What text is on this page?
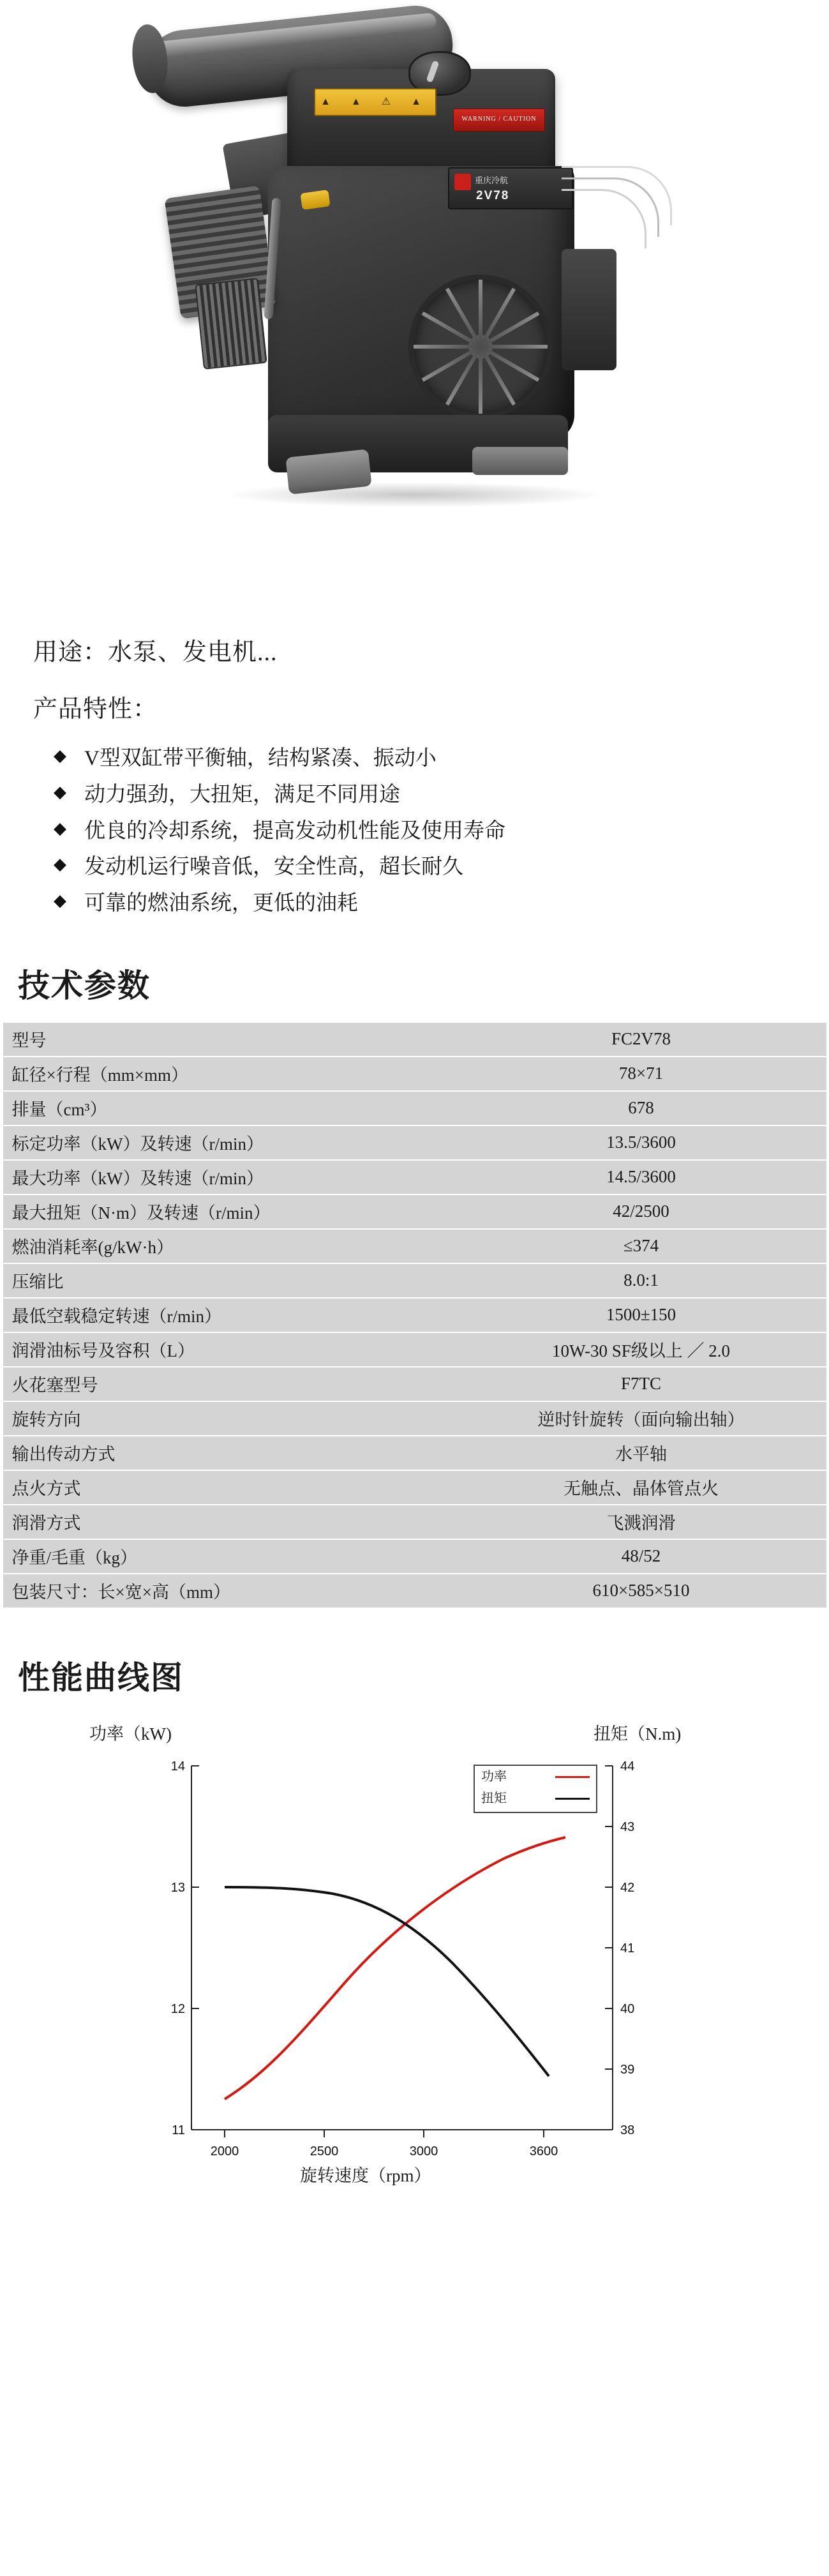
▲ ▲ ⚠ ▲
WARNING / CAUTION
重庆冷航
2V78

用途：水泵、发电机...

产品特性：

◆ V型双缸带平衡轴，结构紧凑、振动小
◆ 动力强劲，大扭矩，满足不同用途
◆ 优良的冷却系统，提高发动机性能及使用寿命
◆ 发动机运行噪音低，安全性高，超长耐久
◆ 可靠的燃油系统，更低的油耗
技术参数
型号	FC2V78
缸径×行程（mm×mm）	78×71
排量（cm³）	678
标定功率（kW）及转速（r/min）	13.5/3600
最大功率（kW）及转速（r/min）	14.5/3600
最大扭矩（N·m）及转速（r/min）	42/2500
燃油消耗率(g/kW·h）	≤374
压缩比	8.0:1
最低空载稳定转速（r/min）	1500±150
润滑油标号及容积（L）	10W-30 SF级以上 ／ 2.0
火花塞型号	F7TC
旋转方向	逆时针旋转（面向输出轴）
输出传动方式	水平轴
点火方式	无触点、晶体管点火
润滑方式	飞溅润滑
净重/毛重（kg）	48/52
包装尺寸：长×宽×高（mm）	610×585×510
性能曲线图
功率（kW)	扭矩（N.m)
旋转速度（rpm）
11
12
13
14
38
39
40
41
42
43
44
2000	2500	3000	3600
功率
扭矩
